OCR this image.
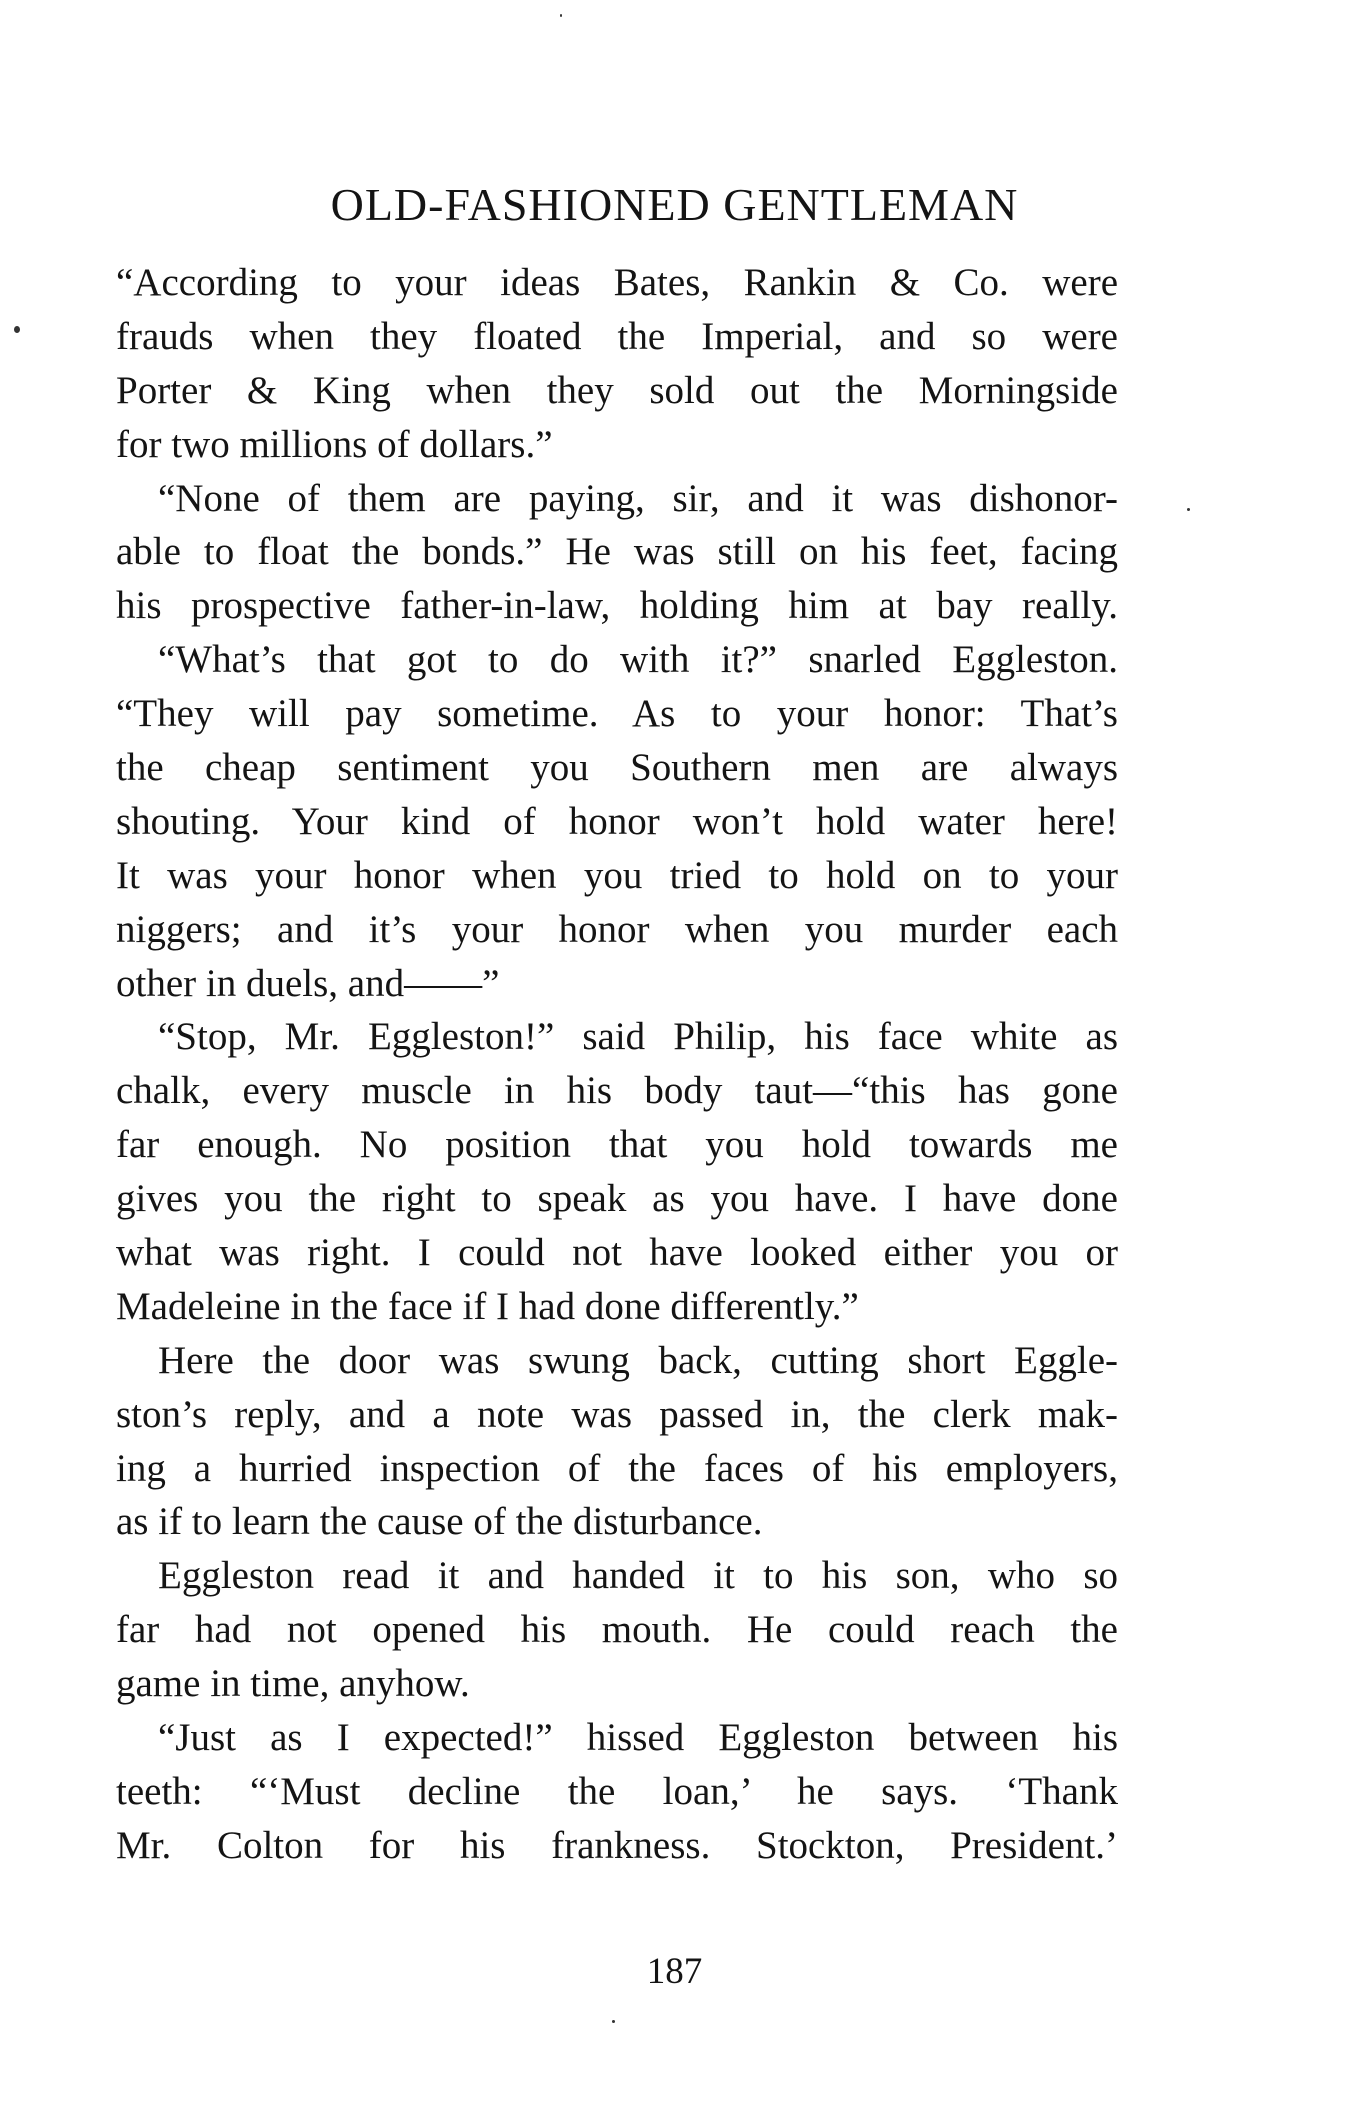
OLD-FASHIONED GENTLEMAN
“According to your ideas Bates, Rankin & Co. were
frauds when they floated the Imperial, and so were
Porter & King when they sold out the Morningside
for two millions of dollars.”
“None of them are paying, sir, and it was dishonor-
able to float the bonds.” He was still on his feet, facing
his prospective father-in-law, holding him at bay really.
“What’s that got to do with it?” snarled Eggleston.
“They will pay sometime. As to your honor: That’s
the cheap sentiment you Southern men are always
shouting. Your kind of honor won’t hold water here!
It was your honor when you tried to hold on to your
niggers; and it’s your honor when you murder each
other in duels, and——”
“Stop, Mr. Eggleston!” said Philip, his face white as
chalk, every muscle in his body taut—“this has gone
far enough. No position that you hold towards me
gives you the right to speak as you have. I have done
what was right. I could not have looked either you or
Madeleine in the face if I had done differently.”
Here the door was swung back, cutting short Eggle-
ston’s reply, and a note was passed in, the clerk mak-
ing a hurried inspection of the faces of his employers,
as if to learn the cause of the disturbance.
Eggleston read it and handed it to his son, who so
far had not opened his mouth. He could reach the
game in time, anyhow.
“Just as I expected!” hissed Eggleston between his
teeth: “‘Must decline the loan,’ he says. ‘Thank
Mr. Colton for his frankness. Stockton, President.’
187
